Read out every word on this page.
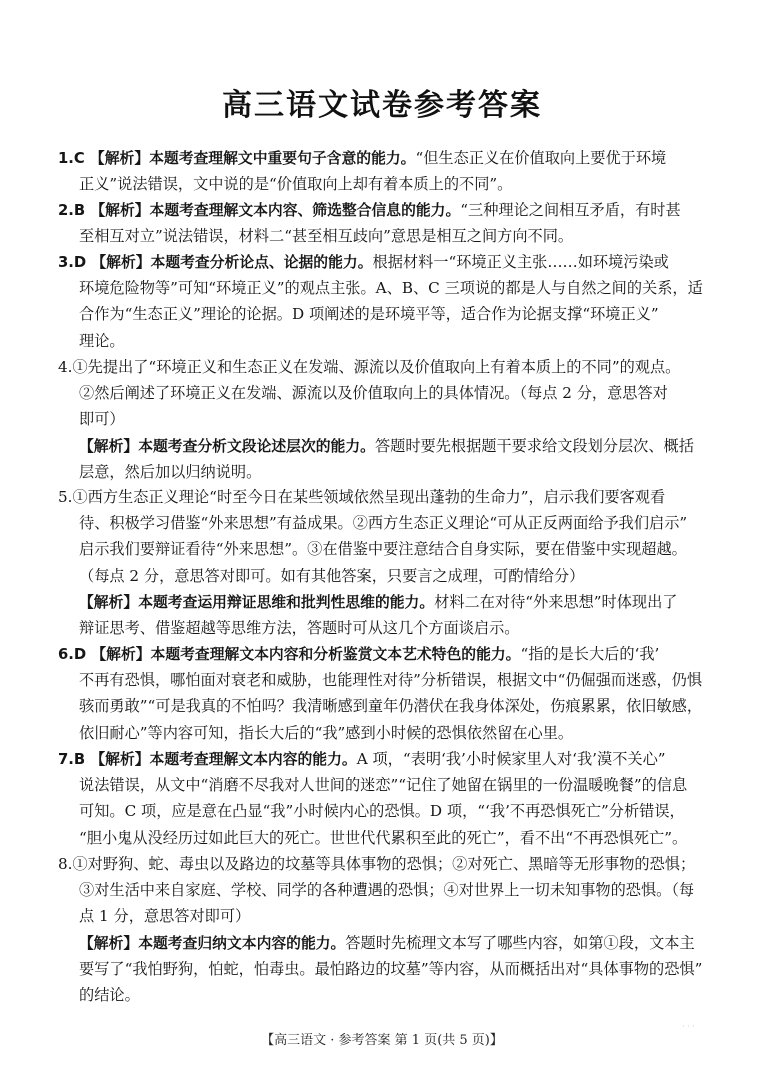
高三语文试卷参考答案
1.C 【解析】本题考查理解文中重要句子含意的能力。“但生态正义在价值取向上要优于环境
正义”说法错误，文中说的是“价值取向上却有着本质上的不同”。
2.B 【解析】本题考查理解文本内容、筛选整合信息的能力。“三种理论之间相互矛盾，有时甚
至相互对立”说法错误，材料二“甚至相互歧向”意思是相互之间方向不同。
3.D 【解析】本题考查分析论点、论据的能力。根据材料一“环境正义主张……如环境污染或
环境危险物等”可知“环境正义”的观点主张。A、B、C 三项说的都是人与自然之间的关系，适
合作为“生态正义”理论的论据。D 项阐述的是环境平等，适合作为论据支撑“环境正义”
理论。
4.①先提出了“环境正义和生态正义在发端、源流以及价值取向上有着本质上的不同”的观点。
②然后阐述了环境正义在发端、源流以及价值取向上的具体情况。（每点 2 分，意思答对
即可）
【解析】本题考查分析文段论述层次的能力。答题时要先根据题干要求给文段划分层次、概括
层意，然后加以归纳说明。
5.①西方生态正义理论“时至今日在某些领域依然呈现出蓬勃的生命力”，启示我们要客观看
待、积极学习借鉴“外来思想”有益成果。②西方生态正义理论“可从正反两面给予我们启示”
启示我们要辩证看待“外来思想”。③在借鉴中要注意结合自身实际，要在借鉴中实现超越。
（每点 2 分，意思答对即可。如有其他答案，只要言之成理，可酌情给分）
【解析】本题考查运用辩证思维和批判性思维的能力。材料二在对待“外来思想”时体现出了
辩证思考、借鉴超越等思维方法，答题时可从这几个方面谈启示。
6.D 【解析】本题考查理解文本内容和分析鉴赏文本艺术特色的能力。“指的是长大后的‘我’
不再有恐惧，哪怕面对衰老和威胁，也能理性对待”分析错误，根据文中“仍倔强而迷惑，仍惧
骇而勇敢”“可是我真的不怕吗？我清晰感到童年仍潜伏在我身体深处，伤痕累累，依旧敏感，
依旧耐心”等内容可知，指长大后的“我”感到小时候的恐惧依然留在心里。
7.B 【解析】本题考查理解文本内容的能力。A 项，“表明‘我’小时候家里人对‘我’漠不关心”
说法错误，从文中“消磨不尽我对人世间的迷恋”“记住了她留在锅里的一份温暖晚餐”的信息
可知。C 项，应是意在凸显“我”小时候内心的恐惧。D 项，“‘我’不再恐惧死亡”分析错误，
“胆小鬼从没经历过如此巨大的死亡。世世代代累积至此的死亡”，看不出“不再恐惧死亡”。
8.①对野狗、蛇、毒虫以及路边的坟墓等具体事物的恐惧；②对死亡、黑暗等无形事物的恐惧；
③对生活中来自家庭、学校、同学的各种遭遇的恐惧；④对世界上一切未知事物的恐惧。（每
点 1 分，意思答对即可）
【解析】本题考查归纳文本内容的能力。答题时先梳理文本写了哪些内容，如第①段，文本主
要写了“我怕野狗，怕蛇，怕毒虫。最怕路边的坟墓”等内容，从而概括出对“具体事物的恐惧”
的结论。
【高三语文 · 参考答案 第 1 页(共 5 页)】
· · ·
